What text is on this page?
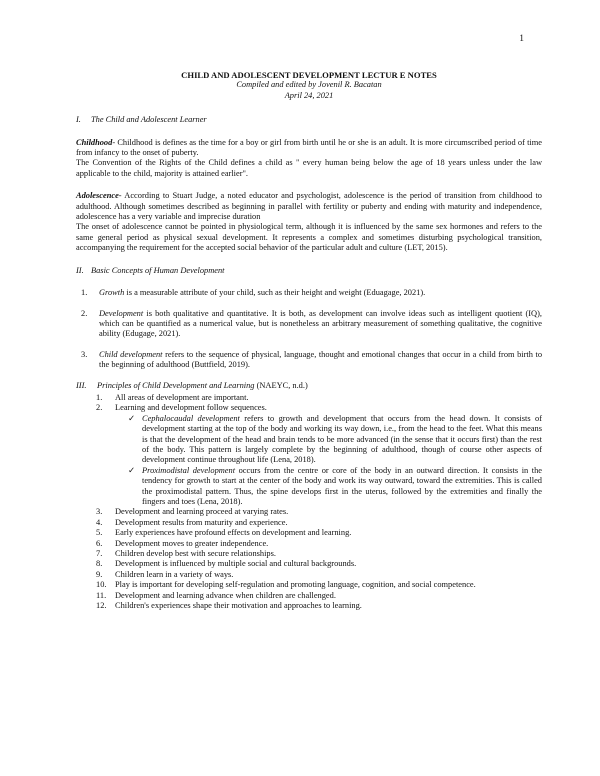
1
CHILD AND ADOLESCENT DEVELOPMENT LECTUR E NOTES
Compiled and edited by Jovenil R. Bacatan
April 24, 2021
I.	The Child and Adolescent Learner

Childhood- Childhood is defines as the time for a boy or girl from birth until he or she is an adult. It is more circumscribed period of time from infancy to the onset of puberty.

The Convention of the Rights of the Child defines a child as " every human being below the age of 18 years unless under the law applicable to the child, majority is attained earlier".

Adolescence- According to Stuart Judge, a noted educator and psychologist, adolescence is the period of transition from childhood to adulthood. Although sometimes described as beginning in parallel with fertility or puberty and ending with maturity and independence, adolescence has a very variable and imprecise duration

The onset of adolescence cannot be pointed in physiological term, although it is influenced by the same sex hormones and refers to the same general period as physical sexual development. It represents a complex and sometimes disturbing psychological transition, accompanying the requirement for the accepted social behavior of the particular adult and culture (LET, 2015).

II. Basic Concepts of Human Development
1.	Growth is a measurable attribute of your child, such as their height and weight (Eduagage, 2021).
2.	Development is both qualitative and quantitative. It is both, as development can involve ideas such as intelligent quotient (IQ), which can be quantified as a numerical value, but is nonetheless an arbitrary measurement of something qualitative, the cognitive ability (Edugage, 2021).
3.	Child development refers to the sequence of physical, language, thought and emotional changes that occur in a child from birth to the beginning of adulthood (Buttfield, 2019).
III.	Principles of Child Development and Learning (NAEYC, n.d.)
1.	All areas of development are important.
2.	Learning and development follow sequences.
✓ Cephalocaudal development refers to growth and development that occurs from the head down. It consists of development starting at the top of the body and working its way down, i.e., from the head to the feet. What this means is that the development of the head and brain tends to be more advanced (in the sense that it occurs first) than the rest of the body. This pattern is largely complete by the beginning of adulthood, though of course other aspects of development continue throughout life (Lena, 2018).
✓ Proximodistal development occurs from the centre or core of the body in an outward direction. It consists in the tendency for growth to start at the center of the body and work its way outward, toward the extremities. This is called the proximodistal pattern. Thus, the spine develops first in the uterus, followed by the extremities and finally the fingers and toes (Lena, 2018).
3.	Development and learning proceed at varying rates.
4.	Development results from maturity and experience.
5.	Early experiences have profound effects on development and learning.
6.	Development moves to greater independence.
7.	Children develop best with secure relationships.
8.	Development is influenced by multiple social and cultural backgrounds.
9.	Children learn in a variety of ways.
10.	Play is important for developing self-regulation and promoting language, cognition, and social competence.
11.	Development and learning advance when children are challenged.
12.	Children's experiences shape their motivation and approaches to learning.
